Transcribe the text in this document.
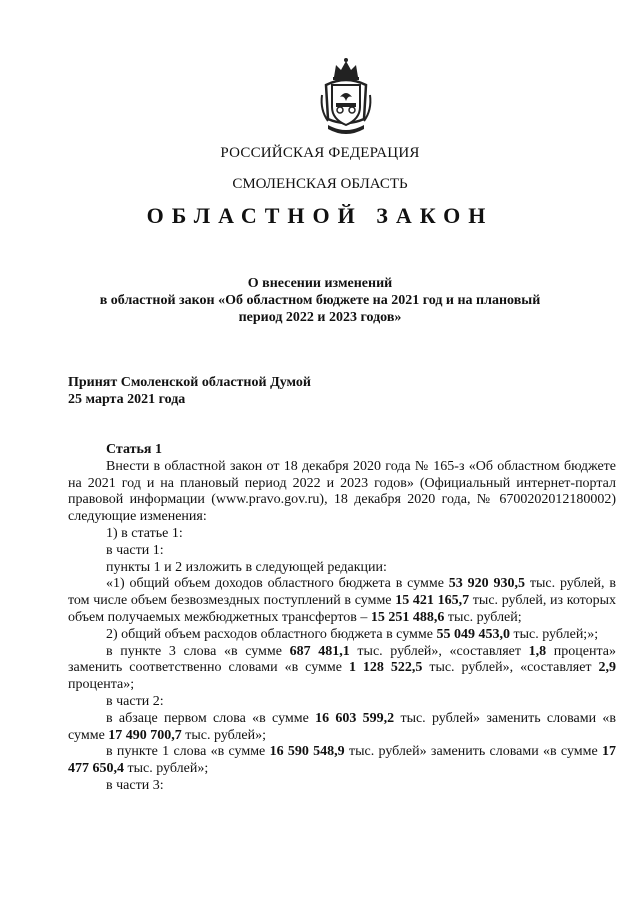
РОССИЙСКАЯ ФЕДЕРАЦИЯ
СМОЛЕНСКАЯ ОБЛАСТЬ
ОБЛАСТНОЙ ЗАКОН
О внесении изменений
в областной закон «Об областном бюджете на 2021 год и на плановый
период 2022 и 2023 годов»
Принят Смоленской областной Думой
25 марта 2021 года

Статья 1

Внести в областной закон от 18 декабря 2020 года № 165-з «Об областном бюджете на 2021 год и на плановый период 2022 и 2023 годов» (Официальный интернет-портал правовой информации (www.pravo.gov.ru), 18 декабря 2020 года, № 6700202012180002) следующие изменения:

1) в статье 1:

в части 1:

пункты 1 и 2 изложить в следующей редакции:

«1) общий объем доходов областного бюджета в сумме 53 920 930,5 тыс. рублей, в том числе объем безвозмездных поступлений в сумме 15 421 165,7 тыс. рублей, из которых объем получаемых межбюджетных трансфертов – 15 251 488,6 тыс. рублей;

2) общий объем расходов областного бюджета в сумме 55 049 453,0 тыс. рублей;»;

в пункте 3 слова «в сумме 687 481,1 тыс. рублей», «составляет 1,8 процента» заменить соответственно словами «в сумме 1 128 522,5 тыс. рублей», «составляет 2,9 процента»;

в части 2:

в абзаце первом слова «в сумме 16 603 599,2 тыс. рублей» заменить словами «в сумме 17 490 700,7 тыс. рублей»;

в пункте 1 слова «в сумме 16 590 548,9 тыс. рублей» заменить словами «в сумме 17 477 650,4 тыс. рублей»;

в части 3:
